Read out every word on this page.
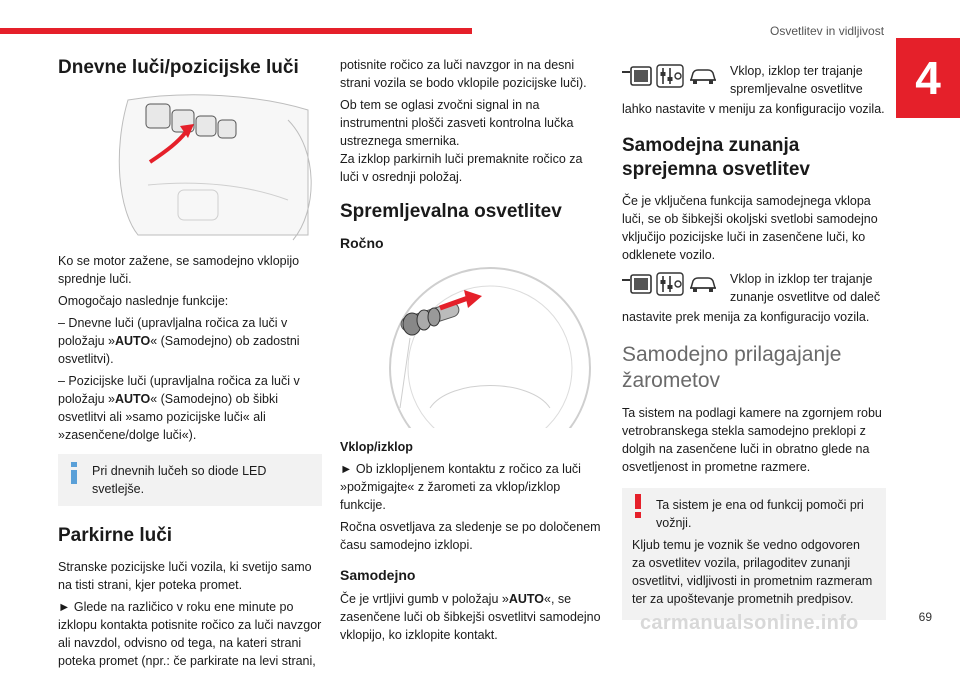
Osvetlitev in vidljivost
4
Dnevne luči/pozicijske luči

Ko se motor zažene, se samodejno vklopijo sprednje luči.

Omogočajo naslednje funkcije:

– Dnevne luči (upravljalna ročica za luči v položaju »AUTO« (Samodejno) ob zadostni osvetlitvi).

– Pozicijske luči (upravljalna ročica za luči v položaju »AUTO« (Samodejno) ob šibki osvetlitvi ali »samo pozicijske luči« ali »zasenčene/dolge luči«).

Pri dnevnih lučeh so diode LED svetlejše.
Parkirne luči

Stranske pozicijske luči vozila, ki svetijo samo na tisti strani, kjer poteka promet.

► Glede na različico v roku ene minute po izklopu kontakta potisnite ročico za luči navzgor ali navzdol, odvisno od tega, na kateri strani poteka promet (npr.: če parkirate na levi strani,

potisnite ročico za luči navzgor in na desni strani vozila se bodo vklopile pozicijske luči).

Ob tem se oglasi zvočni signal in na instrumentni plošči zasveti kontrolna lučka ustreznega smernika.

Za izklop parkirnih luči premaknite ročico za luči v osrednji položaj.

Spremljevalna osvetlitev
Ročno

Vklop/izklop

► Ob izklopljenem kontaktu z ročico za luči »požmigajte« z žarometi za vklop/izklop funkcije.

Ročna osvetljava za sledenje se po določenem času samodejno izklopi.

Samodejno

Če je vrtljivi gumb v položaju »AUTO«, se zasenčene luči ob šibkejši osvetlitvi samodejno vklopijo, ko izklopite kontakt.

Vklop, izklop ter trajanje spremljevalne osvetlitve

lahko nastavite v meniju za konfiguracijo vozila.

Samodejna zunanja sprejemna osvetlitev

Če je vključena funkcija samodejnega vklopa luči, se ob šibkejši okoljski svetlobi samodejno vključijo pozicijske luči in zasenčene luči, ko odklenete vozilo.

Vklop in izklop ter trajanje zunanje osvetlitve od daleč

nastavite prek menija za konfiguracijo vozila.

Samodejno prilagajanje žarometov

Ta sistem na podlagi kamere na zgornjem robu vetrobranskega stekla samodejno preklopi z dolgih na zasenčene luči in obratno glede na osvetljenost in prometne razmere.

Ta sistem je ena od funkcij pomoči pri vožnji.

Kljub temu je voznik še vedno odgovoren za osvetlitev vozila, prilagoditev zunanji osvetlitvi, vidljivosti in prometnim razmeram ter za upoštevanje prometnih predpisov.

carmanualsonline.info	69
